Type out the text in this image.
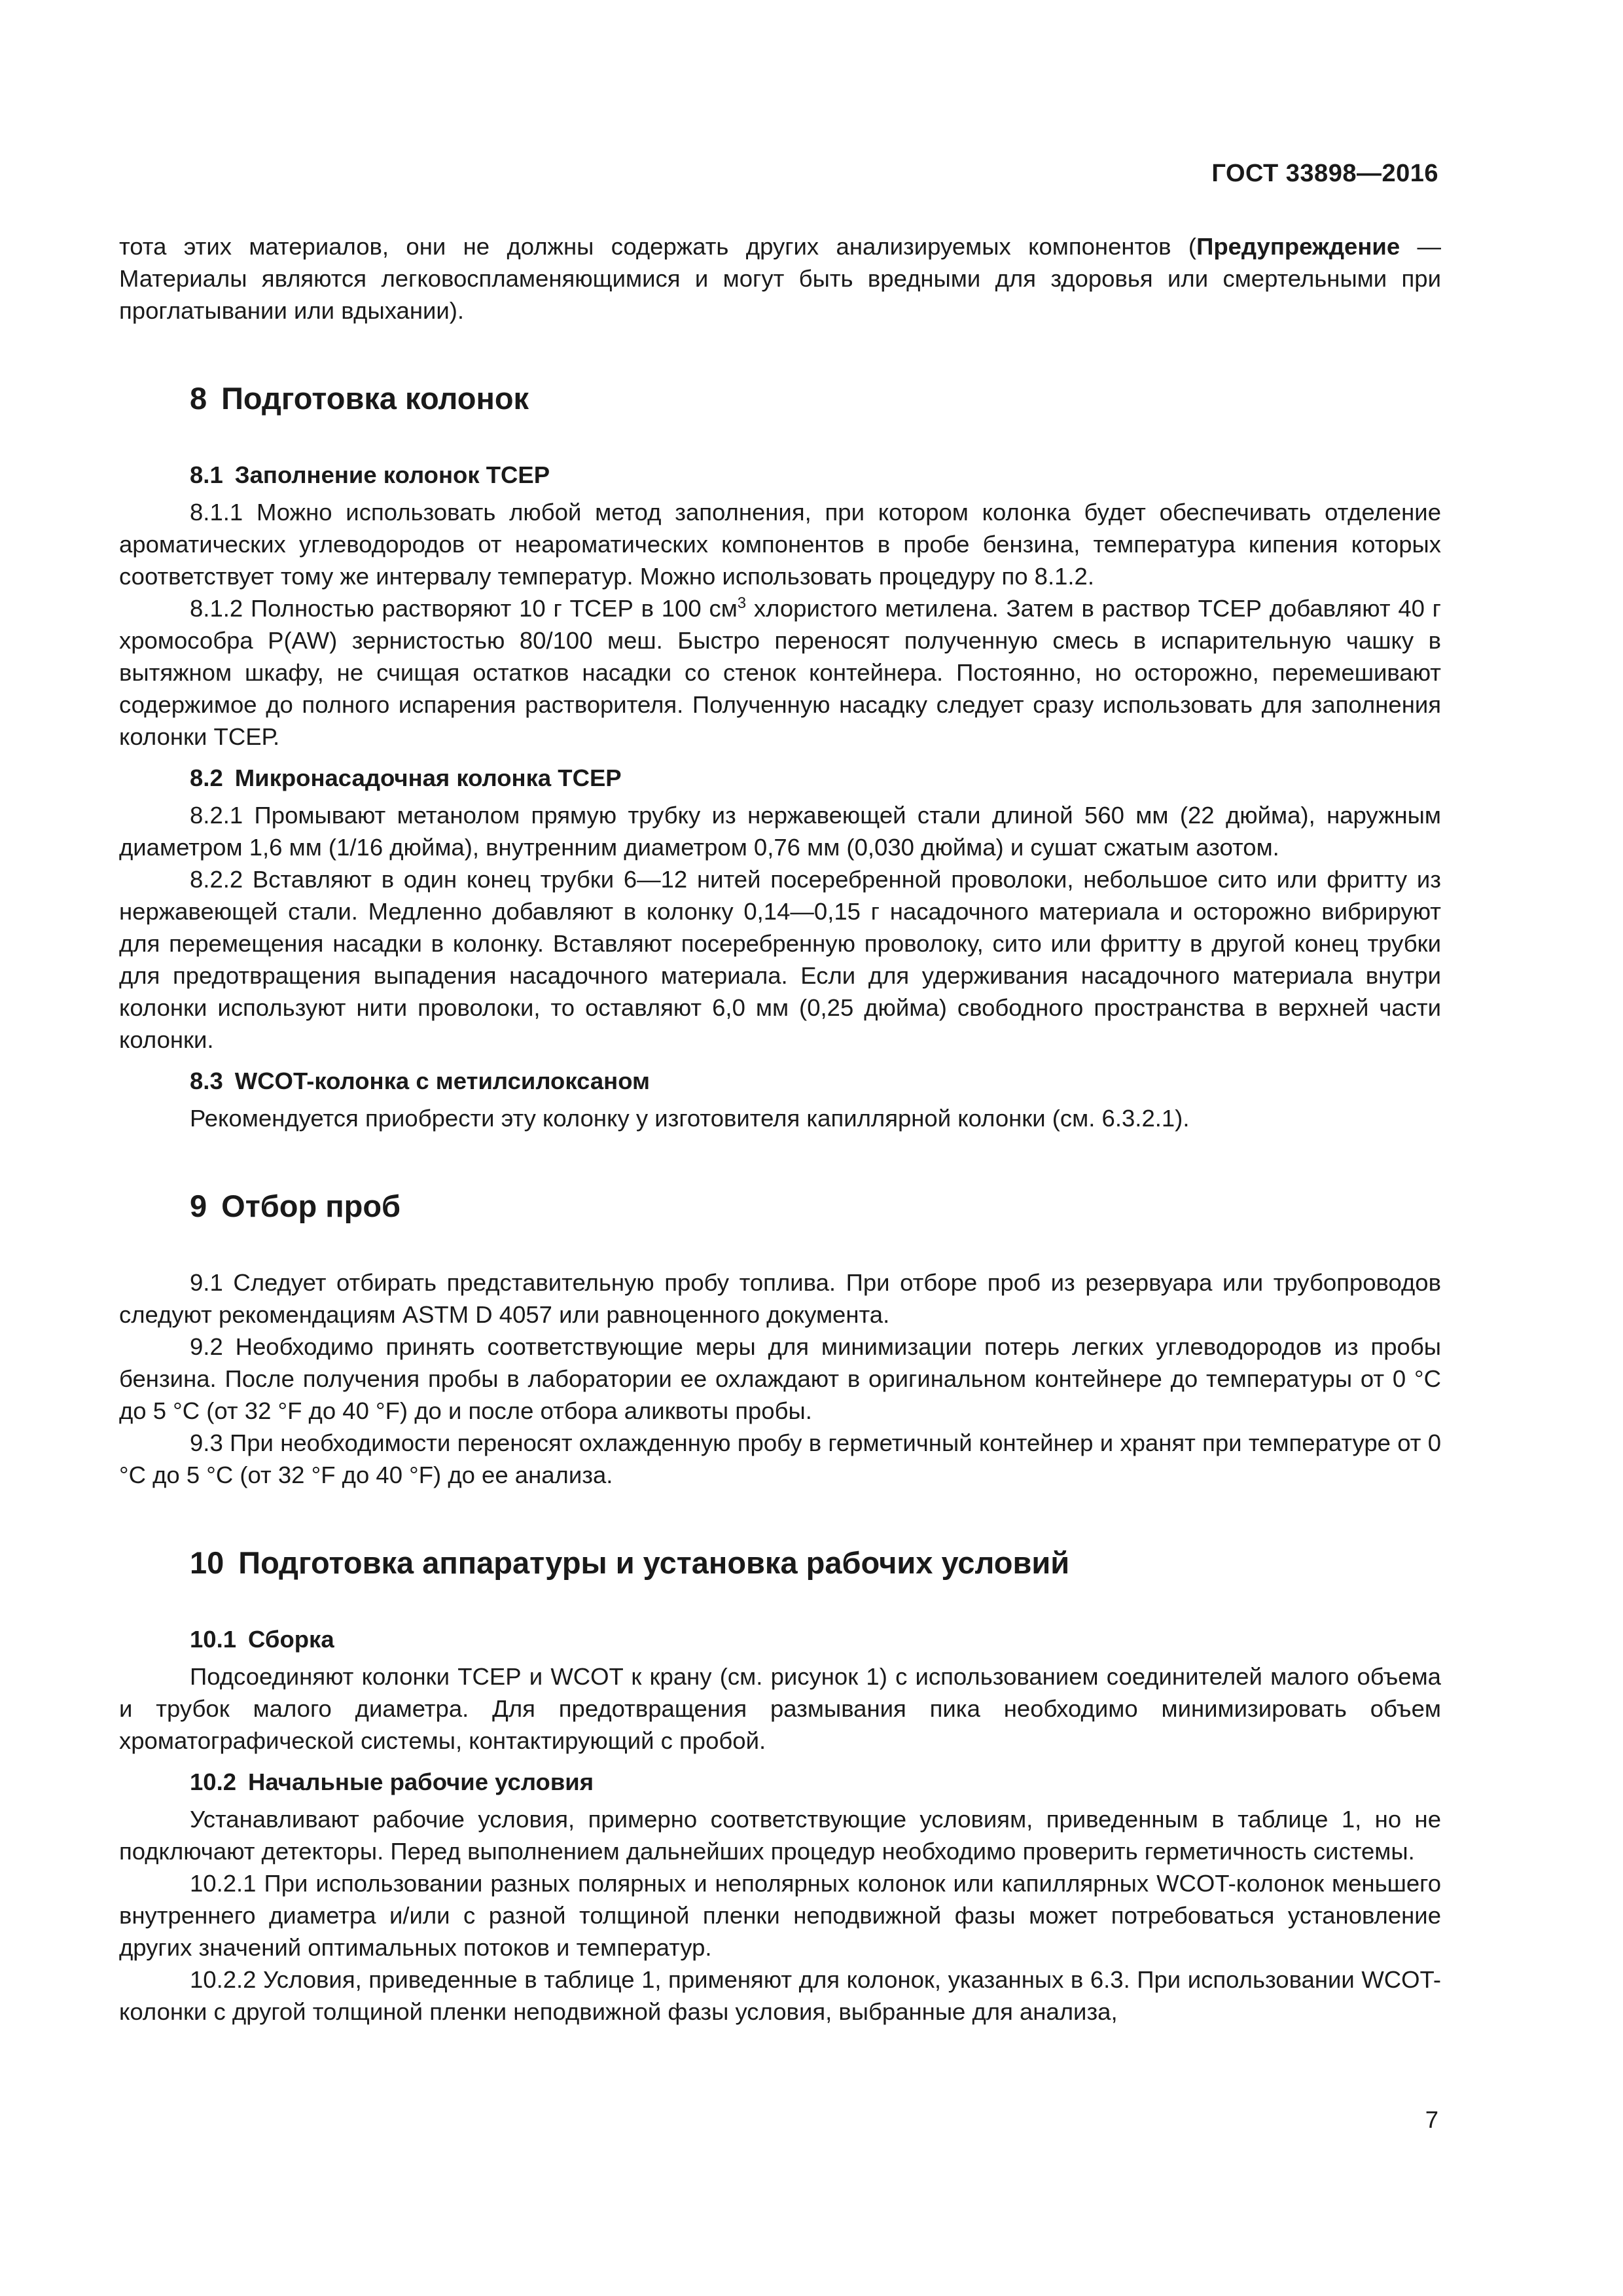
ГОСТ 33898—2016

тота этих материалов, они не должны содержать других анализируемых компонентов (Предупреждение — Материалы являются легковоспламеняющимися и могут быть вредными для здоровья или смертельными при проглатывании или вдыхании).

8 Подготовка колонок
8.1 Заполнение колонок ТСЕР

8.1.1 Можно использовать любой метод заполнения, при котором колонка будет обеспечивать отделение ароматических углеводородов от неароматических компонентов в пробе бензина, температура кипения которых соответствует тому же интервалу температур. Можно использовать процедуру по 8.1.2.

8.1.2 Полностью растворяют 10 г ТСЕР в 100 $см^3$ хлористого метилена. Затем в раствор ТСЕР добавляют 40 г хромособра Р(AW) зернистостью 80/100 меш. Быстро переносят полученную смесь в испарительную чашку в вытяжном шкафу, не счищая остатков насадки со стенок контейнера. Постоянно, но осторожно, перемешивают содержимое до полного испарения растворителя. Полученную насадку следует сразу использовать для заполнения колонки ТСЕР.

8.2 Микронасадочная колонка ТСЕР

8.2.1 Промывают метанолом прямую трубку из нержавеющей стали длиной 560 мм (22 дюйма), наружным диаметром 1,6 мм (1/16 дюйма), внутренним диаметром 0,76 мм (0,030 дюйма) и сушат сжатым азотом.

8.2.2 Вставляют в один конец трубки 6—12 нитей посеребренной проволоки, небольшое сито или фритту из нержавеющей стали. Медленно добавляют в колонку 0,14—0,15 г насадочного материала и осторожно вибрируют для перемещения насадки в колонку. Вставляют посеребренную проволоку, сито или фритту в другой конец трубки для предотвращения выпадения насадочного материала. Если для удерживания насадочного материала внутри колонки используют нити проволоки, то оставляют 6,0 мм (0,25 дюйма) свободного пространства в верхней части колонки.

8.3 WCOT-колонка с метилсилоксаном

Рекомендуется приобрести эту колонку у изготовителя капиллярной колонки (см. 6.3.2.1).

9 Отбор проб

9.1 Следует отбирать представительную пробу топлива. При отборе проб из резервуара или трубопроводов следуют рекомендациям ASTM D 4057 или равноценного документа.

9.2 Необходимо принять соответствующие меры для минимизации потерь легких углеводородов из пробы бензина. После получения пробы в лаборатории ее охлаждают в оригинальном контейнере до температуры от 0 °С до 5 °С (от 32 °F до 40 °F) до и после отбора аликвоты пробы.

9.3 При необходимости переносят охлажденную пробу в герметичный контейнер и хранят при температуре от 0 °С до 5 °С (от 32 °F до 40 °F) до ее анализа.

10 Подготовка аппаратуры и установка рабочих условий
10.1 Сборка

Подсоединяют колонки ТСЕР и WCOT к крану (см. рисунок 1) с использованием соединителей малого объема и трубок малого диаметра. Для предотвращения размывания пика необходимо минимизировать объем хроматографической системы, контактирующий с пробой.

10.2 Начальные рабочие условия

Устанавливают рабочие условия, примерно соответствующие условиям, приведенным в таблице 1, но не подключают детекторы. Перед выполнением дальнейших процедур необходимо проверить герметичность системы.

10.2.1 При использовании разных полярных и неполярных колонок или капиллярных WCOT-колонок меньшего внутреннего диаметра и/или с разной толщиной пленки неподвижной фазы может потребоваться установление других значений оптимальных потоков и температур.

10.2.2 Условия, приведенные в таблице 1, применяют для колонок, указанных в 6.3. При использовании WCOT-колонки с другой толщиной пленки неподвижной фазы условия, выбранные для анализа,

7
